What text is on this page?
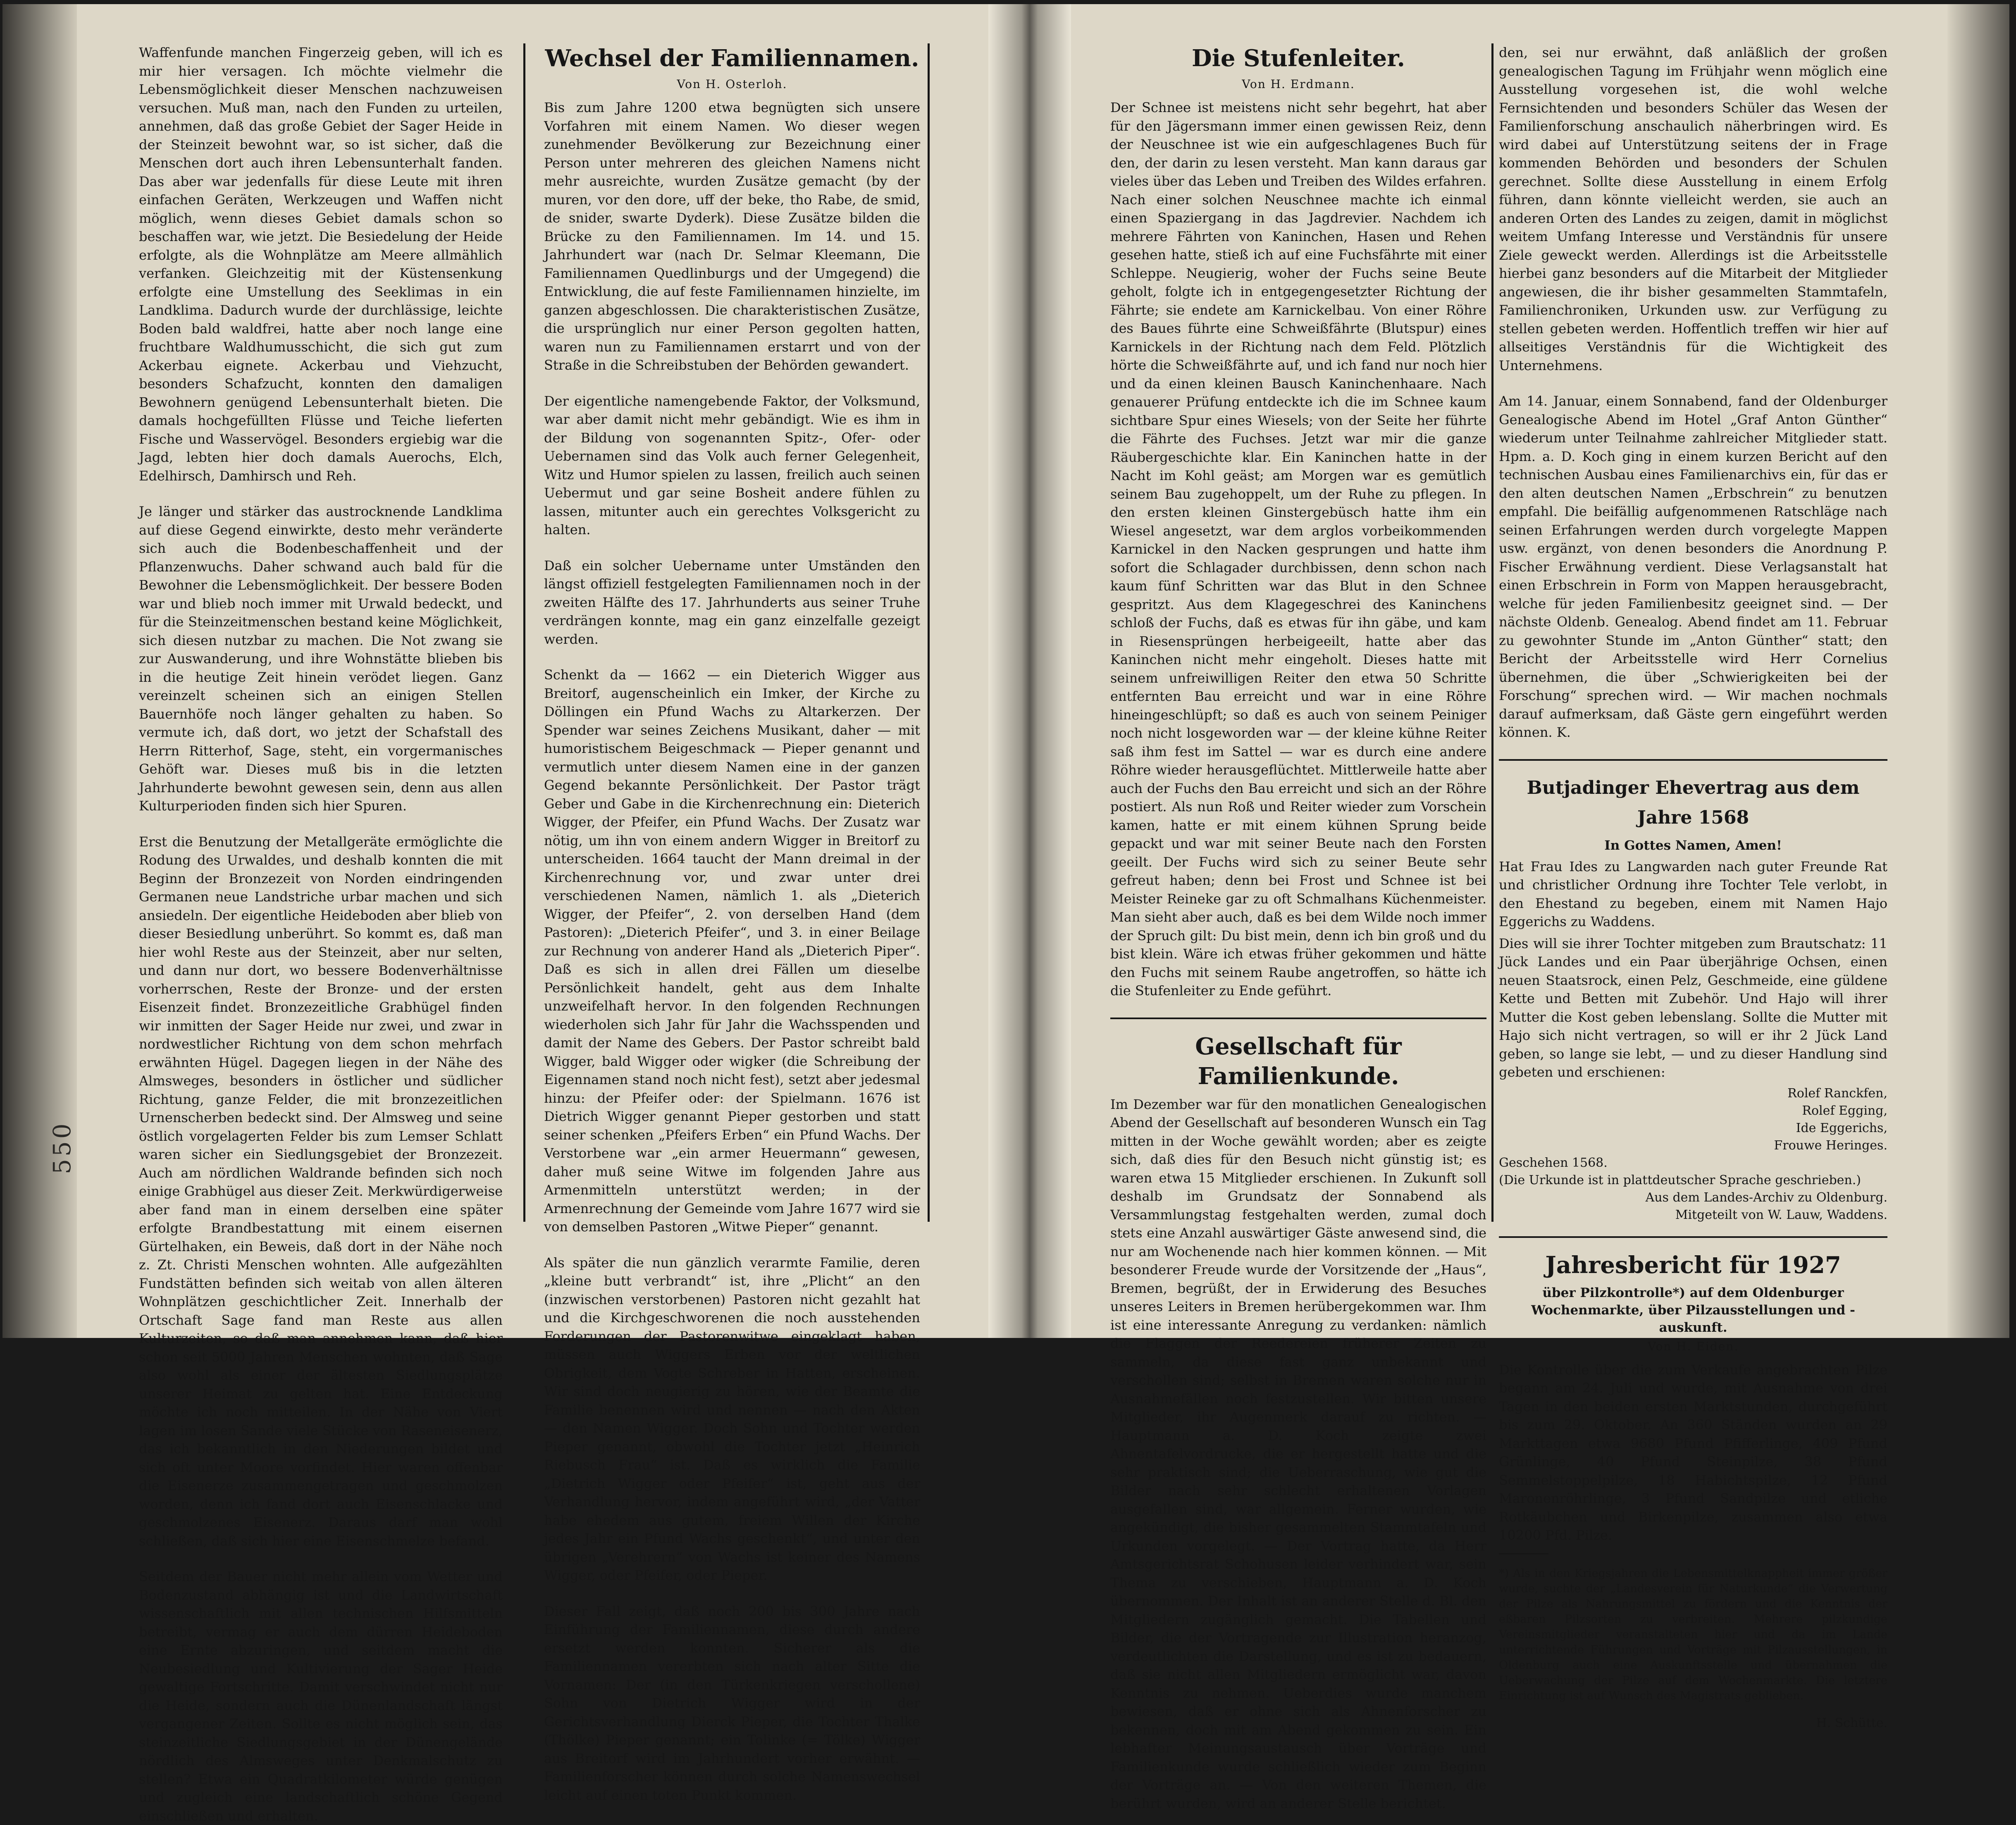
550

Waffenfunde manchen Fingerzeig geben, will ich es mir hier versagen. Ich möchte vielmehr die Lebensmöglichkeit dieser Menschen nachzuweisen versuchen. Muß man, nach den Funden zu urteilen, annehmen, daß das große Gebiet der Sager Heide in der Steinzeit bewohnt war, so ist sicher, daß die Menschen dort auch ihren Lebensunterhalt fanden. Das aber war jedenfalls für diese Leute mit ihren einfachen Geräten, Werkzeugen und Waffen nicht möglich, wenn dieses Gebiet damals schon so beschaffen war, wie jetzt. Die Besiedelung der Heide erfolgte, als die Wohnplätze am Meere allmählich verfanken. Gleichzeitig mit der Küstensenkung erfolgte eine Umstellung des Seeklimas in ein Landklima. Dadurch wurde der durchlässige, leichte Boden bald waldfrei, hatte aber noch lange eine fruchtbare Waldhumusschicht, die sich gut zum Ackerbau eignete. Ackerbau und Viehzucht, besonders Schafzucht, konnten den damaligen Bewohnern genügend Lebensunterhalt bieten. Die damals hochgefüllten Flüsse und Teiche lieferten Fische und Wasservögel. Besonders ergiebig war die Jagd, lebten hier doch damals Auerochs, Elch, Edelhirsch, Damhirsch und Reh.

Je länger und stärker das austrocknende Landklima auf diese Gegend einwirkte, desto mehr veränderte sich auch die Bodenbeschaffenheit und der Pflanzenwuchs. Daher schwand auch bald für die Bewohner die Lebensmöglichkeit. Der bessere Boden war und blieb noch immer mit Urwald bedeckt, und für die Steinzeitmenschen bestand keine Möglichkeit, sich diesen nutzbar zu machen. Die Not zwang sie zur Auswanderung, und ihre Wohnstätte blieben bis in die heutige Zeit hinein verödet liegen. Ganz vereinzelt scheinen sich an einigen Stellen Bauernhöfe noch länger gehalten zu haben. So vermute ich, daß dort, wo jetzt der Schafstall des Herrn Ritterhof, Sage, steht, ein vorgermanisches Gehöft war. Dieses muß bis in die letzten Jahrhunderte bewohnt gewesen sein, denn aus allen Kulturperioden finden sich hier Spuren.

Erst die Benutzung der Metallgeräte ermöglichte die Rodung des Urwaldes, und deshalb konnten die mit Beginn der Bronzezeit von Norden eindringenden Germanen neue Landstriche urbar machen und sich ansiedeln. Der eigentliche Heideboden aber blieb von dieser Besiedlung unberührt. So kommt es, daß man hier wohl Reste aus der Steinzeit, aber nur selten, und dann nur dort, wo bessere Bodenverhältnisse vorherrschen, Reste der Bronze- und der ersten Eisenzeit findet. Bronzezeitliche Grabhügel finden wir inmitten der Sager Heide nur zwei, und zwar in nordwestlicher Richtung von dem schon mehrfach erwähnten Hügel. Dagegen liegen in der Nähe des Almsweges, besonders in östlicher und südlicher Richtung, ganze Felder, die mit bronzezeitlichen Urnenscherben bedeckt sind. Der Almsweg und seine östlich vorgelagerten Felder bis zum Lemser Schlatt waren sicher ein Siedlungsgebiet der Bronzezeit. Auch am nördlichen Waldrande befinden sich noch einige Grabhügel aus dieser Zeit. Merkwürdigerweise aber fand man in einem derselben eine später erfolgte Brandbestattung mit einem eisernen Gürtelhaken, ein Beweis, daß dort in der Nähe noch z. Zt. Christi Menschen wohnten. Alle aufgezählten Fundstätten befinden sich weitab von allen älteren Wohnplätzen geschichtlicher Zeit. Innerhalb der Ortschaft Sage fand man Reste aus allen Kulturzeiten, so daß man annehmen kann, daß hier schon seit 5000 Jahren Menschen wohnten, daß Sage also wohl als einer der ältesten Siedlungsplätze unserer Heimat zu gelten hat. Eine Entdeckung möchte ich noch mitteilen. In der Nähe von Viert lagen im losen Sande viele Stücke von Raseneisenerz, das ich bekanntlich in den Niederungen bildet und sich oft unter Moore vorfindet. Hier waren offenbar die Eisenerze zusammengetragen und geschmolzen worden, denn ich fand dort auch Eisenschlacke und geschmolzenes Eisenerz. Daraus darf man wohl schließen, daß sich hier eine Eisenschmelze befand.

Seitdem der Bauer nicht mehr allein vom Wetter und Bodenzustand abhängig ist und die Landwirtschaft wissenschaftlich mit allen technischen Hilfsmitteln betreibt, vermag er auch dem dürren Heideboden eine Ernte abzuringen, und seitdem macht die Neubesiedlung und Kultivierung der Sager Heide gewaltige Fortschritte. Damit verschwindet nicht nur die Heide, sondern auch die Dünenlandschaft längst vergangener Zeiten. Sollte es nicht möglich sein, das steinzeitliche Siedlungsgebiet in der Dünengelände nördlich des Almsweges unter Denkmalschutz zu stellen? Etwa ein Quadratkilometer würde genügen und zugleich eine landschaftlich schöne Gegend einschließen und erhalten.

Wechsel der Familiennamen.
Von H. Osterloh.

Bis zum Jahre 1200 etwa begnügten sich unsere Vorfahren mit einem Namen. Wo dieser wegen zunehmender Bevölkerung zur Bezeichnung einer Person unter mehreren des gleichen Namens nicht mehr ausreichte, wurden Zusätze gemacht (by der muren, vor den dore, uff der beke, tho Rabe, de smid, de snider, swarte Dyderk). Diese Zusätze bilden die Brücke zu den Familiennamen. Im 14. und 15. Jahrhundert war (nach Dr. Selmar Kleemann, Die Familiennamen Quedlinburgs und der Umgegend) die Entwicklung, die auf feste Familiennamen hinzielte, im ganzen abgeschlossen. Die charakteristischen Zusätze, die ursprünglich nur einer Person gegolten hatten, waren nun zu Familiennamen erstarrt und von der Straße in die Schreibstuben der Behörden gewandert.

Der eigentliche namengebende Faktor, der Volksmund, war aber damit nicht mehr gebändigt. Wie es ihm in der Bildung von sogenannten Spitz-, Ofer- oder Uebernamen sind das Volk auch ferner Gelegenheit, Witz und Humor spielen zu lassen, freilich auch seinen Uebermut und gar seine Bosheit andere fühlen zu lassen, mitunter auch ein gerechtes Volksgericht zu halten.

Daß ein solcher Uebername unter Umständen den längst offiziell festgelegten Familiennamen noch in der zweiten Hälfte des 17. Jahrhunderts aus seiner Truhe verdrängen konnte, mag ein ganz einzelfalle gezeigt werden.

Schenkt da — 1662 — ein Dieterich Wigger aus Breitorf, augenscheinlich ein Imker, der Kirche zu Döllingen ein Pfund Wachs zu Altarkerzen. Der Spender war seines Zeichens Musikant, daher — mit humoristischem Beigeschmack — Pieper genannt und vermutlich unter diesem Namen eine in der ganzen Gegend bekannte Persönlichkeit. Der Pastor trägt Geber und Gabe in die Kirchenrechnung ein: Dieterich Wigger, der Pfeifer, ein Pfund Wachs. Der Zusatz war nötig, um ihn von einem andern Wigger in Breitorf zu unterscheiden. 1664 taucht der Mann dreimal in der Kirchenrechnung vor, und zwar unter drei verschiedenen Namen, nämlich 1. als „Dieterich Wigger, der Pfeifer“, 2. von derselben Hand (dem Pastoren): „Dieterich Pfeifer“, und 3. in einer Beilage zur Rechnung von anderer Hand als „Dieterich Piper“. Daß es sich in allen drei Fällen um dieselbe Persönlichkeit handelt, geht aus dem Inhalte unzweifelhaft hervor. In den folgenden Rechnungen wiederholen sich Jahr für Jahr die Wachsspenden und damit der Name des Gebers. Der Pastor schreibt bald Wigger, bald Wigger oder wigker (die Schreibung der Eigennamen stand noch nicht fest), setzt aber jedesmal hinzu: der Pfeifer oder: der Spielmann. 1676 ist Dietrich Wigger genannt Pieper gestorben und statt seiner schenken „Pfeifers Erben“ ein Pfund Wachs. Der Verstorbene war „ein armer Heuermann“ gewesen, daher muß seine Witwe im folgenden Jahre aus Armenmitteln unterstützt werden; in der Armenrechnung der Gemeinde vom Jahre 1677 wird sie von demselben Pastoren „Witwe Pieper“ genannt.

Als später die nun gänzlich verarmte Familie, deren „kleine butt verbrandt“ ist, ihre „Plicht“ an den (inzwischen verstorbenen) Pastoren nicht gezahlt hat und die Kirchgeschworenen die noch ausstehenden Forderungen der Pastorenwitwe eingeklagt haben, müssen auch Wiggers Erben vor der weltlichen Obrigkeit, dem Vogte Schreber in Hatten, erscheinen. Wir sind doch neugierig zu hören, wie der Beamte die Familie benennen wird und nennen — nach den Akten — den Namen Wigger. Doch Sohn und Tochter werden Pieper genannt, obwohl die Tochter jetzt „Heinrich Riebusch Frau“ ist. Daß es wirklich die Familie „Dietrich Wigger oder Pfeifer“ ist, geht aus der Verhandlung hervor, indem angeführt wird, „der Vatter habe ehedem aus gutem, freiem Willen der Kirche jedes Jahr ein Pfund Wachs geschenkt“, und unter den übrigen „Verehrern“ von Wachs ist keiner des Namens Wigger, oder Pfeifer, oder Pieper.

Dieser Fall zeigt, daß noch 200 bis 300 Jahre nach Einführung der Familiennamen, diese durch andere ersetzt werden konnten. Sicherer als die Familiennamen vererbten sich nach alter Sitte die Vornamen: Der (in den Türkenkriegen verschollene) Sohn von Dietrich Wigger wird in der Gerichtsverhandlung Dierck Pieper, die Tochter Thalke (Thölke) Pieper genannt; ein Tolinke (= Tölke) Wigger aus Breitorf wird im Jahrhundert vorher erwähnt. — Familienforscher können durch solche Namenswechsel leicht auf einen toten Punkt kommen.

Die Stufenleiter.
Von H. Erdmann.

Der Schnee ist meistens nicht sehr begehrt, hat aber für den Jägersmann immer einen gewissen Reiz, denn der Neuschnee ist wie ein aufgeschlagenes Buch für den, der darin zu lesen versteht. Man kann daraus gar vieles über das Leben und Treiben des Wildes erfahren. Nach einer solchen Neuschnee machte ich einmal einen Spaziergang in das Jagdrevier. Nachdem ich mehrere Fährten von Kaninchen, Hasen und Rehen gesehen hatte, stieß ich auf eine Fuchsfährte mit einer Schleppe. Neugierig, woher der Fuchs seine Beute geholt, folgte ich in entgegengesetzter Richtung der Fährte; sie endete am Karnickelbau. Von einer Röhre des Baues führte eine Schweißfährte (Blutspur) eines Karnickels in der Richtung nach dem Feld. Plötzlich hörte die Schweißfährte auf, und ich fand nur noch hier und da einen kleinen Bausch Kaninchenhaare. Nach genauerer Prüfung entdeckte ich die im Schnee kaum sichtbare Spur eines Wiesels; von der Seite her führte die Fährte des Fuchses. Jetzt war mir die ganze Räubergeschichte klar. Ein Kaninchen hatte in der Nacht im Kohl geäst; am Morgen war es gemütlich seinem Bau zugehoppelt, um der Ruhe zu pflegen. In den ersten kleinen Ginstergebüsch hatte ihm ein Wiesel angesetzt, war dem arglos vorbeikommenden Karnickel in den Nacken gesprungen und hatte ihm sofort die Schlagader durchbissen, denn schon nach kaum fünf Schritten war das Blut in den Schnee gespritzt. Aus dem Klagegeschrei des Kaninchens schloß der Fuchs, daß es etwas für ihn gäbe, und kam in Riesensprüngen herbeigeeilt, hatte aber das Kaninchen nicht mehr eingeholt. Dieses hatte mit seinem unfreiwilligen Reiter den etwa 50 Schritte entfernten Bau erreicht und war in eine Röhre hineingeschlüpft; so daß es auch von seinem Peiniger noch nicht losgeworden war — der kleine kühne Reiter saß ihm fest im Sattel — war es durch eine andere Röhre wieder herausgeflüchtet. Mittlerweile hatte aber auch der Fuchs den Bau erreicht und sich an der Röhre postiert. Als nun Roß und Reiter wieder zum Vorschein kamen, hatte er mit einem kühnen Sprung beide gepackt und war mit seiner Beute nach den Forsten geeilt. Der Fuchs wird sich zu seiner Beute sehr gefreut haben; denn bei Frost und Schnee ist bei Meister Reineke gar zu oft Schmalhans Küchenmeister. Man sieht aber auch, daß es bei dem Wilde noch immer der Spruch gilt: Du bist mein, denn ich bin groß und du bist klein. Wäre ich etwas früher gekommen und hätte den Fuchs mit seinem Raube angetroffen, so hätte ich die Stufenleiter zu Ende geführt.

Gesellschaft für Familienkunde.

Im Dezember war für den monatlichen Genealogischen Abend der Gesellschaft auf besonderen Wunsch ein Tag mitten in der Woche gewählt worden; aber es zeigte sich, daß dies für den Besuch nicht günstig ist; es waren etwa 15 Mitglieder erschienen. In Zukunft soll deshalb im Grundsatz der Sonnabend als Versammlungstag festgehalten werden, zumal doch stets eine Anzahl auswärtiger Gäste anwesend sind, die nur am Wochenende nach hier kommen können. — Mit besonderer Freude wurde der Vorsitzende der „Haus“, Bremen, begrüßt, der in Erwiderung des Besuches unseres Leiters in Bremen herübergekommen war. Ihm ist eine interessante Anregung zu verdanken: nämlich die Flaggen der Reedereien früherer Zeiten zu sammeln, da diese fast ganz unbekannt und verschollen sind; selbst in Bremen waren solche nur in Ausnahmefällen noch festzustellen. Wir bitten unsere Mitglieder, ihr Augenmerk darauf zu richten. — Hauptmann a. D. Koch zeigte zwei Ahnentafelvordrucke, die er hergestellt hatte und die sehr praktisch sind; die Ueberraschung, wie gut die Bilder nach sehr schlecht erhaltenen Vorlagen ausgefallen sind, war allgemein. Ferner wurden, wie angekündigt, die bisher gesammelten Stammtafeln und Urkunden vorgelegt. — Der Vortrag hatte, da Herr Amtsgerichtsrat Schohusen leider verhindert war, sein Thema zu verschieben, Hauptmann a. D. Koch übernommen. Der Inhalt ist an anderer Stelle d. Bl. den Mitgliedern zugänglich gemacht. Die Tabellen und Bilder, die der Vortragende zur Illustration heranzog, verdeutlichten die Darstellung, und es ist zu bedauern, daß sie nicht allen Mitgliedern ermöglicht war, davon Kenntnis zu nehmen. Ueberdies wurde manchem bewiesen, daß er ohne sich als Ahnenforscher zu bekennen, doch mit am Abend gekommen zu sein. Ein lebhafter Meinungsaustausch über Vorträge und Familienkunde wurde schließlich wieder zum Beginn der Vorträge an. — Von den weiteren Themen, die berührt wurden, wird an anderer Stelle berichtet.

den, sei nur erwähnt, daß anläßlich der großen genealogischen Tagung im Frühjahr wenn möglich eine Ausstellung vorgesehen ist, die wohl welche Fernsichtenden und besonders Schüler das Wesen der Familienforschung anschaulich näherbringen wird. Es wird dabei auf Unterstützung seitens der in Frage kommenden Behörden und besonders der Schulen gerechnet. Sollte diese Ausstellung in einem Erfolg führen, dann könnte vielleicht werden, sie auch an anderen Orten des Landes zu zeigen, damit in möglichst weitem Umfang Interesse und Verständnis für unsere Ziele geweckt werden. Allerdings ist die Arbeitsstelle hierbei ganz besonders auf die Mitarbeit der Mitglieder angewiesen, die ihr bisher gesammelten Stammtafeln, Familienchroniken, Urkunden usw. zur Verfügung zu stellen gebeten werden. Hoffentlich treffen wir hier auf allseitiges Verständnis für die Wichtigkeit des Unternehmens.

Am 14. Januar, einem Sonnabend, fand der Oldenburger Genealogische Abend im Hotel „Graf Anton Günther“ wiederum unter Teilnahme zahlreicher Mitglieder statt. Hpm. a. D. Koch ging in einem kurzen Bericht auf den technischen Ausbau eines Familienarchivs ein, für das er den alten deutschen Namen „Erbschrein“ zu benutzen empfahl. Die beifällig aufgenommenen Ratschläge nach seinen Erfahrungen werden durch vorgelegte Mappen usw. ergänzt, von denen besonders die Anordnung P. Fischer Erwähnung verdient. Diese Verlagsanstalt hat einen Erbschrein in Form von Mappen herausgebracht, welche für jeden Familienbesitz geeignet sind. — Der nächste Oldenb. Genealog. Abend findet am 11. Februar zu gewohnter Stunde im „Anton Günther“ statt; den Bericht der Arbeitsstelle wird Herr Cornelius übernehmen, die über „Schwierigkeiten bei der Forschung“ sprechen wird. — Wir machen nochmals darauf aufmerksam, daß Gäste gern eingeführt werden können. K.

Butjadinger Ehevertrag aus dem Jahre 1568
In Gottes Namen, Amen!

Hat Frau Ides zu Langwarden nach guter Freunde Rat und christlicher Ordnung ihre Tochter Tele verlobt, in den Ehestand zu begeben, einem mit Namen Hajo Eggerichs zu Waddens.

Dies will sie ihrer Tochter mitgeben zum Brautschatz: 11 Jück Landes und ein Paar überjährige Ochsen, einen neuen Staatsrock, einen Pelz, Geschmeide, eine güldene Kette und Betten mit Zubehör. Und Hajo will ihrer Mutter die Kost geben lebenslang. Sollte die Mutter mit Hajo sich nicht vertragen, so will er ihr 2 Jück Land geben, so lange sie lebt, — und zu dieser Handlung sind gebeten und erschienen:

Rolef Ranckfen,

Rolef Egging,

Ide Eggerichs,

Frouwe Heringes.

Geschehen 1568.

(Die Urkunde ist in plattdeutscher Sprache geschrieben.)

Aus dem Landes-Archiv zu Oldenburg.

Mitgeteilt von W. Lauw, Waddens.

Jahresbericht für 1927
über Pilzkontrolle*) auf dem Oldenburger Wochenmarkte, über Pilzausstellungen und -auskunft.
Von H. Eiden.

Die Kontrolle über die zum Verkaufe angebrachten Pilze begann am 24. Juli und wurde, mit Ausnahme von drei Tagen in den beiden ersten Marktstunden, durchgeführt bis zum 29. Oktober. An 360 Ständen wurden an 29 Markttagen etwa 9680 Pfund Pfifferlinge, 409 Pfund Grünlinge, 40 Pfund Steinpilze, 38 Pfund Semmelstoppelpilze, 18 Habichtspilze, 12 Pfund Maronenröhrlinge, 3 Pfund Sandpilze und etliche Rotkäubchen und Birkenpilze, zusammen also etwa 10200 Pfd. Pilze.

*) Als in den Kriegsjahren die Lebensmittelknappheit immer größer wurde, suchte der „Landesverein für Naturkunde“ die Verwertung der Pilze als Nahrungsmittel zu fördern und die Kenntnis der eßbaren Pilzsorten zu verbreiten. Mehrere pilzkundige Vereinsmitglieder veranstalteten hier und da im Lande unterrichtende Führungen und Vorträge mit Pilzausstellungen, in Oldenburg auch eine Auskunftsstelle und übernahmen die Ueberwachung der Pilze auf dem Wochenmarkte. Die letztere Einrichtung ist auf Wunsch des Magistrats geblieben.

H. Schütte.
